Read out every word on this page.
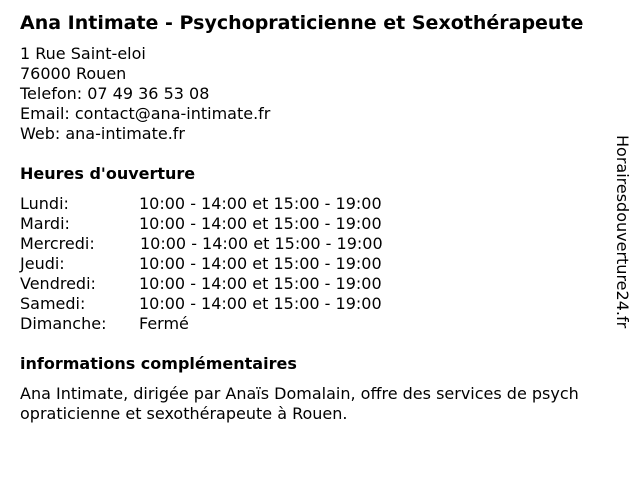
Ana Intimate - Psychopraticienne et Sexothérapeute
1 Rue Saint-eloi
76000 Rouen
Telefon: 07 49 36 53 08
Email: contact@ana-intimate.fr
Web: ana-intimate.fr
Heures d'ouverture
Lundi:	10:00 - 14:00 et 15:00 - 19:00
Mardi:	10:00 - 14:00 et 15:00 - 19:00
Mercredi:	10:00 - 14:00 et 15:00 - 19:00
Jeudi:	10:00 - 14:00 et 15:00 - 19:00
Vendredi:	10:00 - 14:00 et 15:00 - 19:00
Samedi:	10:00 - 14:00 et 15:00 - 19:00
Dimanche: Fermé
informations complémentaires
Ana Intimate, dirigée par Anaïs Domalain, offre des services de psychopraticienne et sexothérapeute à Rouen.
Horairesdouverture24.fr
